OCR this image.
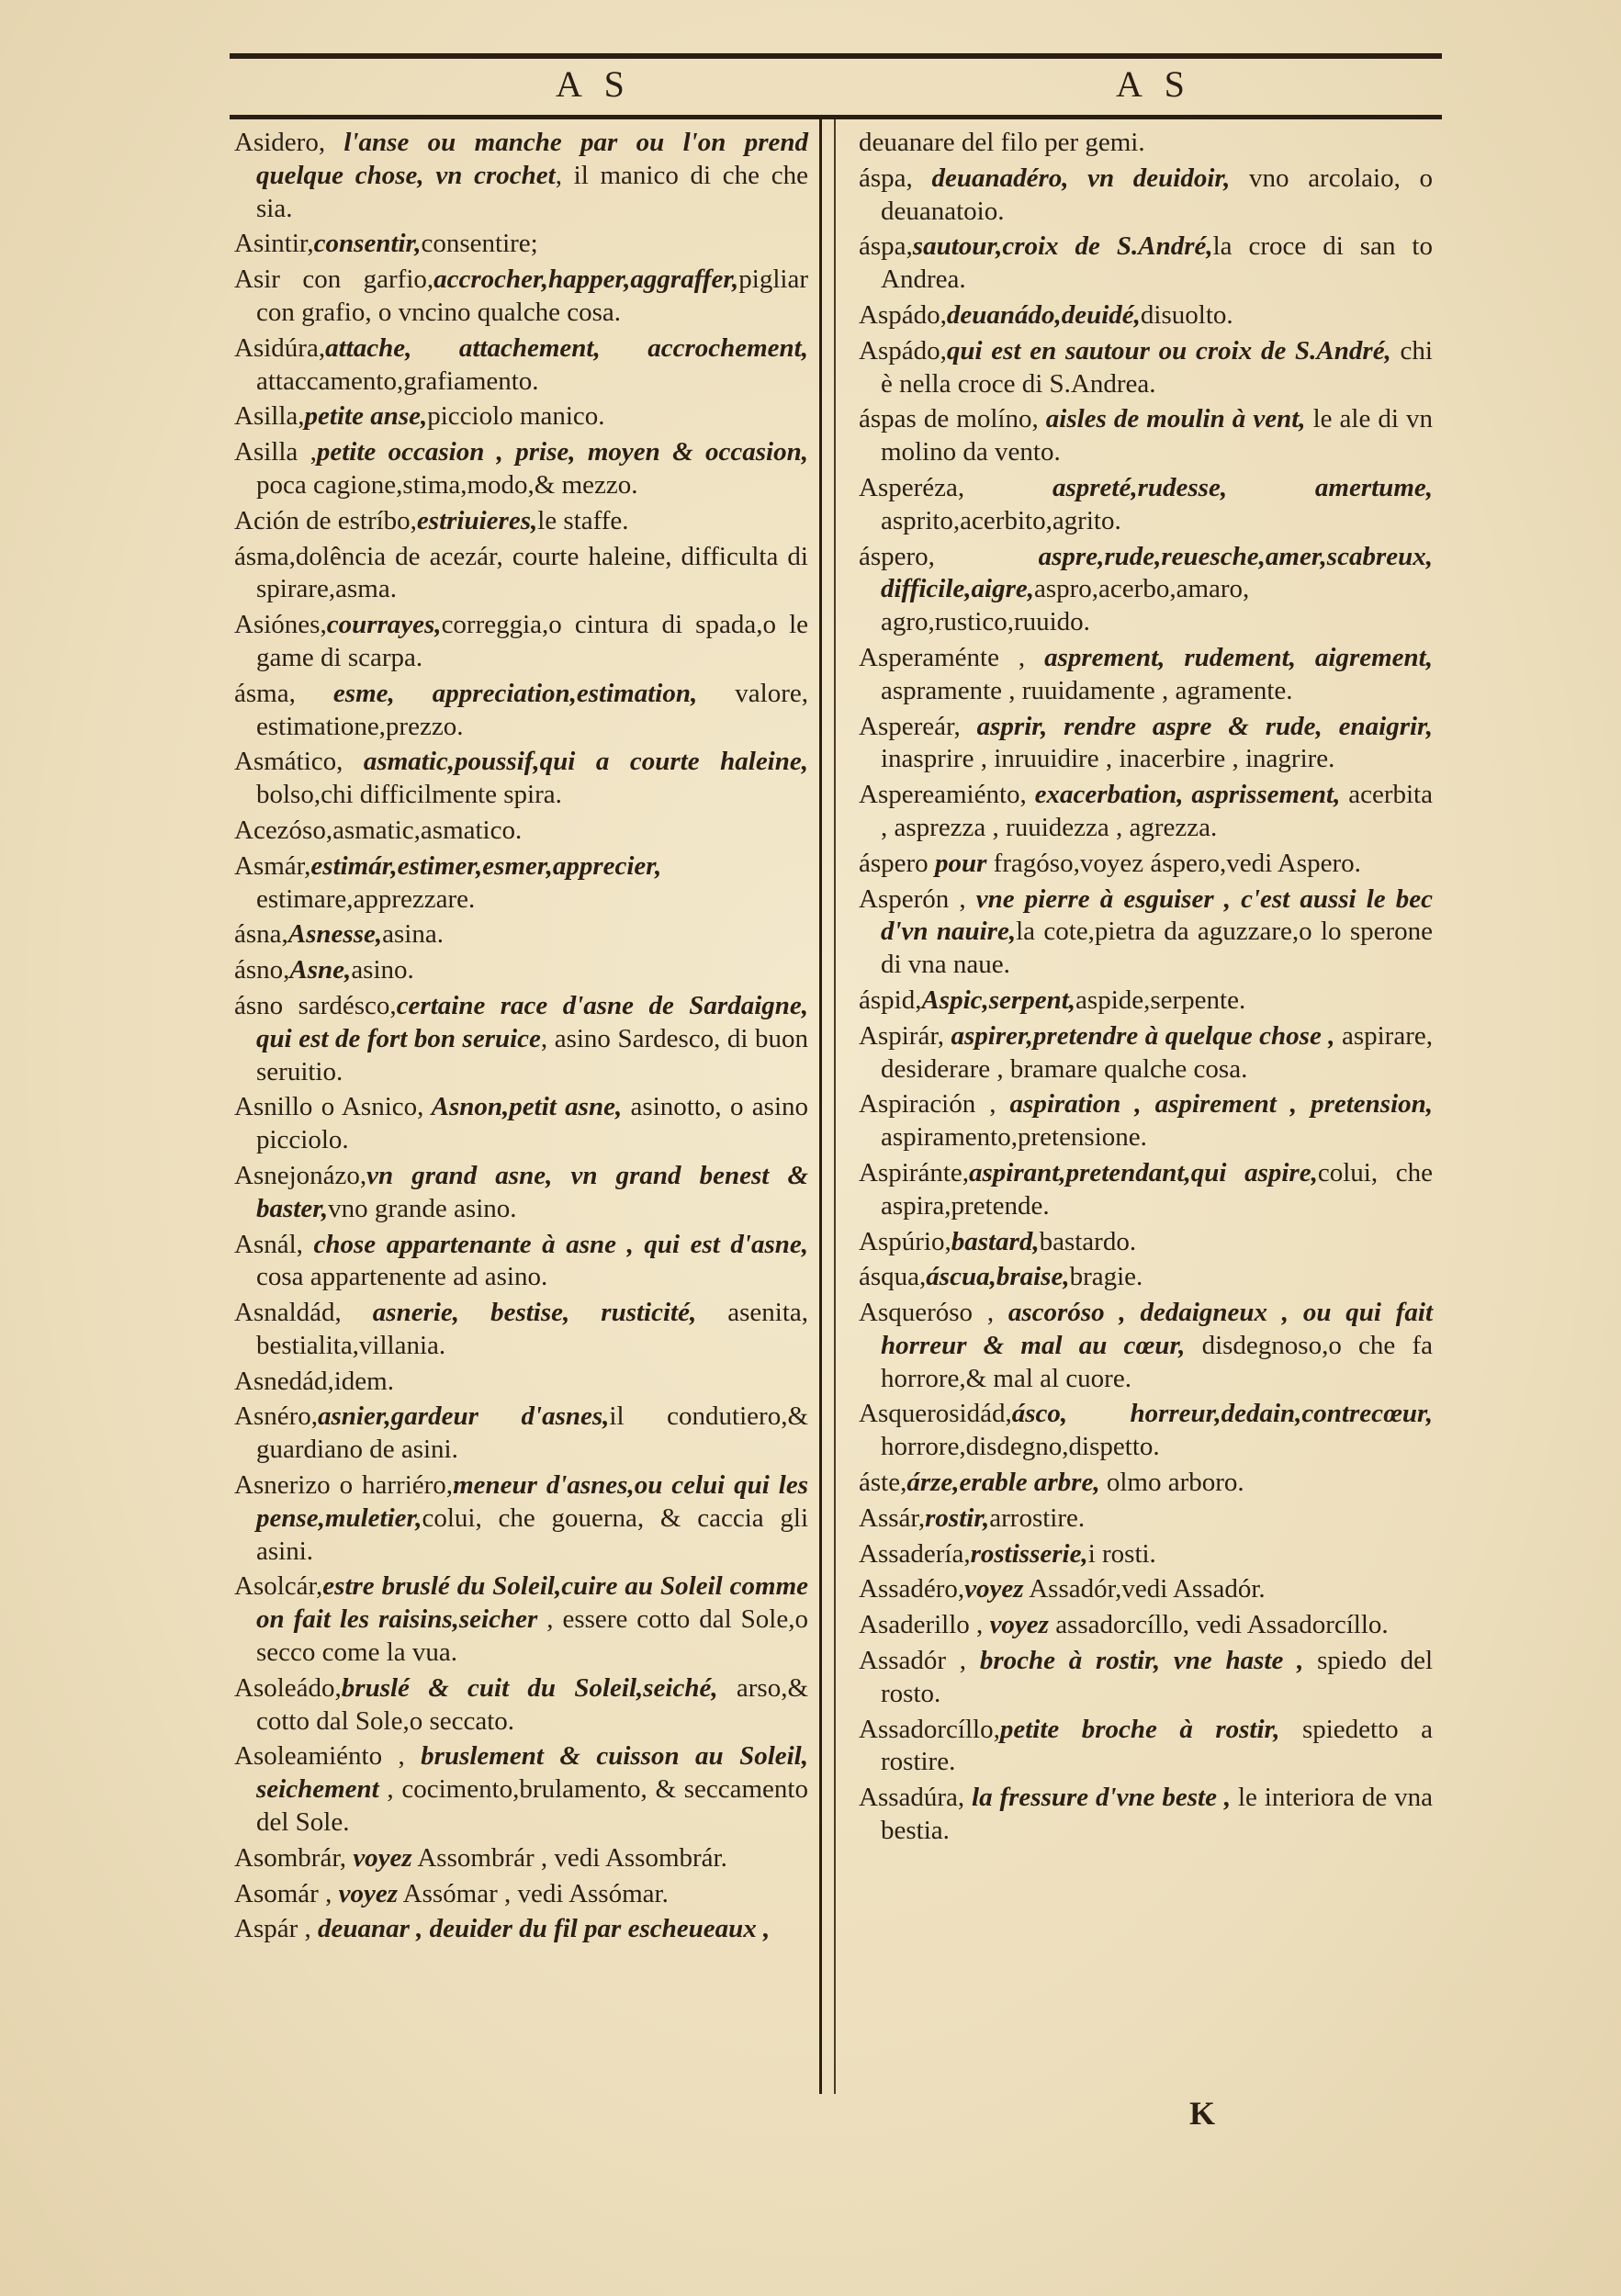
A S	A S
Asidero, l'anse ou manche par ou l'on prend quelque chose, vn crochet, il manico di che che sia.
Asintir,consentir,consentire;
Asir con garfio,accrocher,happer,aggraffer,pigliar con grafio, o vncino qualche cosa.
Asidúra,attache, attachement, accrochement, attaccamento,grafiamento.
Asilla,petite anse,picciolo manico.
Asilla ,petite occasion , prise, moyen & occasion, poca cagione,stima,modo,& mezzo.
Ación de estríbo,estriuieres,le staffe.
ásma,dolência de acezár, courte haleine, difficulta di spirare,asma.
Asiónes,courrayes,correggia,o cintura di spada,o le game di scarpa.
ásma, esme, appreciation,estimation, valore, estimatione,prezzo.
Asmático, asmatic,poussif,qui a courte haleine, bolso,chi difficilmente spira.
Acezóso,asmatic,asmatico.
Asmár,estimár,estimer,esmer,apprecier, estimare,apprezzare.
ásna,Asnesse,asina.
ásno,Asne,asino.
ásno sardésco,certaine race d'asne de Sardaigne, qui est de fort bon seruice, asino Sardesco, di buon seruitio.
Asnillo o Asnico, Asnon,petit asne, asinotto, o asino picciolo.
Asnejonázo,vn grand asne, vn grand benest & baster,vno grande asino.
Asnál, chose appartenante à asne , qui est d'asne, cosa appartenente ad asino.
Asnaldád, asnerie, bestise, rusticité, asenita, bestialita,villania.
Asnedád,idem.
Asnéro,asnier,gardeur d'asnes,il condutiero,& guardiano de asini.
Asnerizo o harriéro,meneur d'asnes,ou celui qui les pense,muletier,colui, che gouerna, & caccia gli asini.
Asolcár,estre bruslé du Soleil,cuire au Soleil comme on fait les raisins,seicher , essere cotto dal Sole,o secco come la vua.
Asoleádo,bruslé & cuit du Soleil,seiché, arso,& cotto dal Sole,o seccato.
Asoleamiénto , bruslement & cuisson au Soleil, seichement , cocimento,brulamento, & seccamento del Sole.
Asombrár, voyez Assombrár , vedi Assombrár.
Asomár , voyez Assómar , vedi Assómar.
Aspár , deuanar , deuider du fil par escheueaux ,
deuanare del filo per gemi.
áspa, deuanadéro, vn deuidoir, vno arcolaio, o deuanatoio.
áspa,sautour,croix de S.André,la croce di san to Andrea.
Aspádo,deuanádo,deuidé,disuolto.
Aspádo,qui est en sautour ou croix de S.André, chi è nella croce di S.Andrea.
áspas de molíno, aisles de moulin à vent, le ale di vn molino da vento.
Asperéza, aspreté,rudesse, amertume, asprito,acerbito,agrito.
áspero, aspre,rude,reuesche,amer,scabreux, difficile,aigre,aspro,acerbo,amaro, agro,rustico,ruuido.
Asperaménte , asprement, rudement, aigrement, aspramente , ruuidamente , agramente.
Aspereár, asprir, rendre aspre & rude, enaigrir, inasprire , inruuidire , inacerbire , inagrire.
Aspereamiénto, exacerbation, asprissement, acerbita , asprezza , ruuidezza , agrezza.
áspero pour fragóso,voyez áspero,vedi Aspero.
Asperón , vne pierre à esguiser , c'est aussi le bec d'vn nauire,la cote,pietra da aguzzare,o lo sperone di vna naue.
áspid,Aspic,serpent,aspide,serpente.
Aspirár, aspirer,pretendre à quelque chose , aspirare, desiderare , bramare qualche cosa.
Aspiración , aspiration , aspirement , pretension, aspiramento,pretensione.
Aspiránte,aspirant,pretendant,qui aspire,colui, che aspira,pretende.
Aspúrio,bastard,bastardo.
ásqua,áscua,braise,bragie.
Asqueróso , ascoróso , dedaigneux , ou qui fait horreur & mal au cœur, disdegnoso,o che fa horrore,& mal al cuore.
Asquerosidád,ásco, horreur,dedain,contrecœur, horrore,disdegno,dispetto.
áste,árze,erable arbre, olmo arboro.
Assár,rostir,arrostire.
Assadería,rostisserie,i rosti.
Assadéro,voyez Assadór,vedi Assadór.
Asaderillo , voyez assadorcíllo, vedi Assadorcíllo.
Assadór , broche à rostir, vne haste , spiedo del rosto.
Assadorcíllo,petite broche à rostir, spiedetto a rostire.
Assadúra, la fressure d'vne beste , le interiora de vna bestia.
K
